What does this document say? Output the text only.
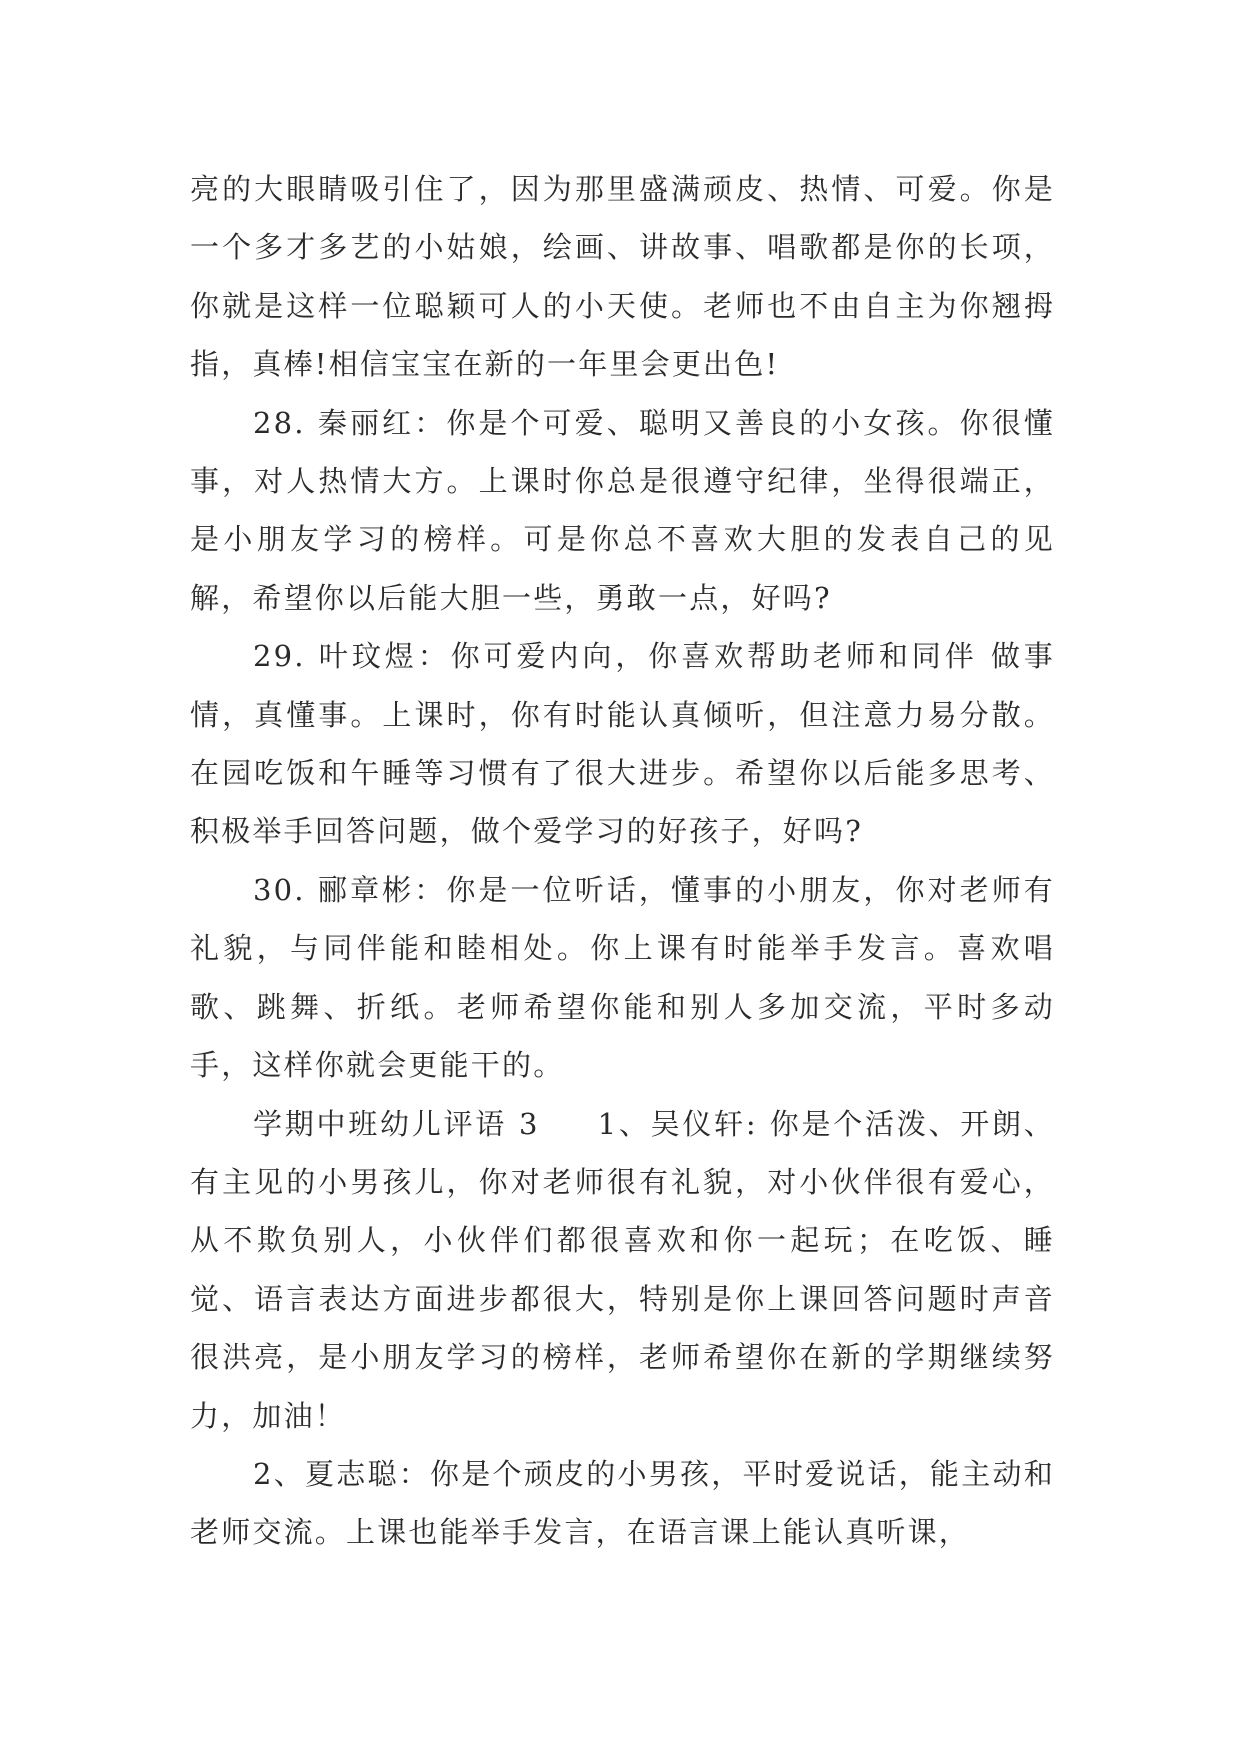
亮的大眼睛吸引住了，因为那里盛满顽皮、热情、可爱。你是一个多才多艺的小姑娘，绘画、讲故事、唱歌都是你的长项，你就是这样一位聪颖可人的小天使。老师也不由自主为你翘拇指，真棒!相信宝宝在新的一年里会更出色!

28. 秦丽红：你是个可爱、聪明又善良的小女孩。你很懂事，对人热情大方。上课时你总是很遵守纪律，坐得很端正，是小朋友学习的榜样。可是你总不喜欢大胆的发表自己的见解，希望你以后能大胆一些，勇敢一点，好吗?

29. 叶玟煜：你可爱内向，你喜欢帮助老师和同伴 做事情，真懂事。上课时，你有时能认真倾听，但注意力易分散。在园吃饭和午睡等习惯有了很大进步。希望你以后能多思考、积极举手回答问题，做个爱学习的好孩子，好吗?

30. 郦章彬：你是一位听话，懂事的小朋友，你对老师有礼貌，与同伴能和睦相处。你上课有时能举手发言。喜欢唱歌、跳舞、折纸。老师希望你能和别人多加交流，平时多动手，这样你就会更能干的。

学期中班幼儿评语 3 1、吴仪轩: 你是个活泼、开朗、有主见的小男孩儿，你对老师很有礼貌，对小伙伴很有爱心，从不欺负别人，小伙伴们都很喜欢和你一起玩；在吃饭、睡觉、语言表达方面进步都很大，特别是你上课回答问题时声音很洪亮，是小朋友学习的榜样，老师希望你在新的学期继续努力，加油！

2、夏志聪：你是个顽皮的小男孩，平时爱说话，能主动和老师交流。上课也能举手发言，在语言课上能认真听课，
